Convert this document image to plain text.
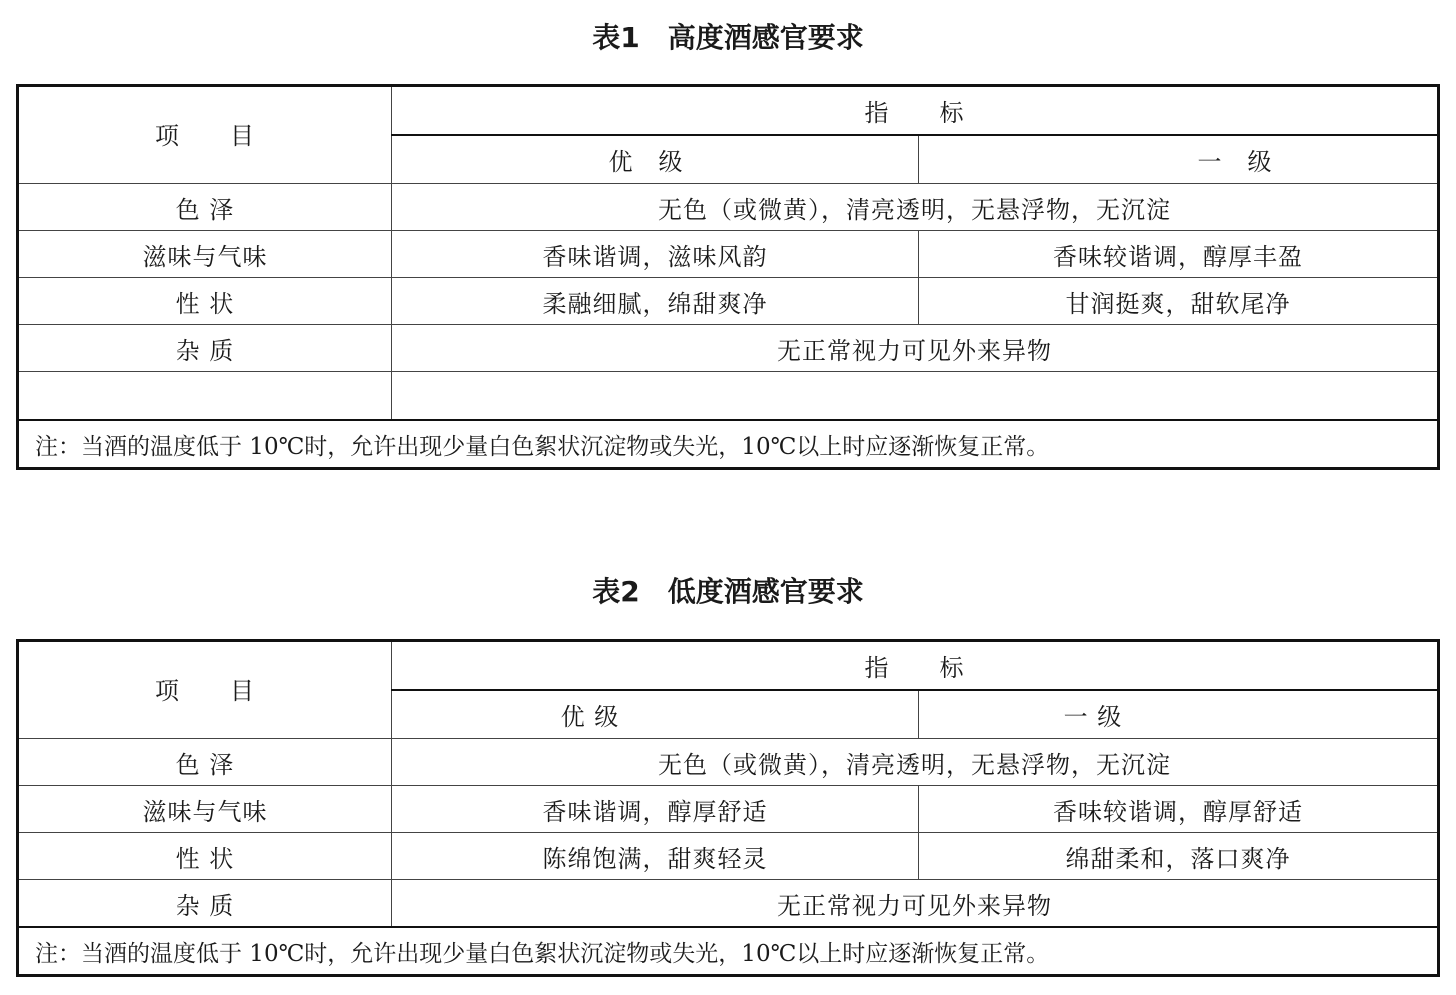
表1　高度酒感官要求
项　　目	指　　标	
	优　级	一　级
色 泽	无色（或微黄），清亮透明，无悬浮物，无沉淀	
滋味与气味	香味谐调，滋味风韵	香味较谐调，醇厚丰盈
性 状	柔融细腻，绵甜爽净	甘润挺爽，甜软尾净
杂 质	无正常视力可见外来异物	

注：当酒的温度低于 10℃时，允许出现少量白色絮状沉淀物或失光，10℃以上时应逐渐恢复正常。		
表2　低度酒感官要求
项　　目	指　　标	
	优 级	一 级
色 泽	无色（或微黄），清亮透明，无悬浮物，无沉淀	
滋味与气味	香味谐调，醇厚舒适	香味较谐调，醇厚舒适
性 状	陈绵饱满，甜爽轻灵	绵甜柔和，落口爽净
杂 质	无正常视力可见外来异物	
注：当酒的温度低于 10℃时，允许出现少量白色絮状沉淀物或失光，10℃以上时应逐渐恢复正常。		
